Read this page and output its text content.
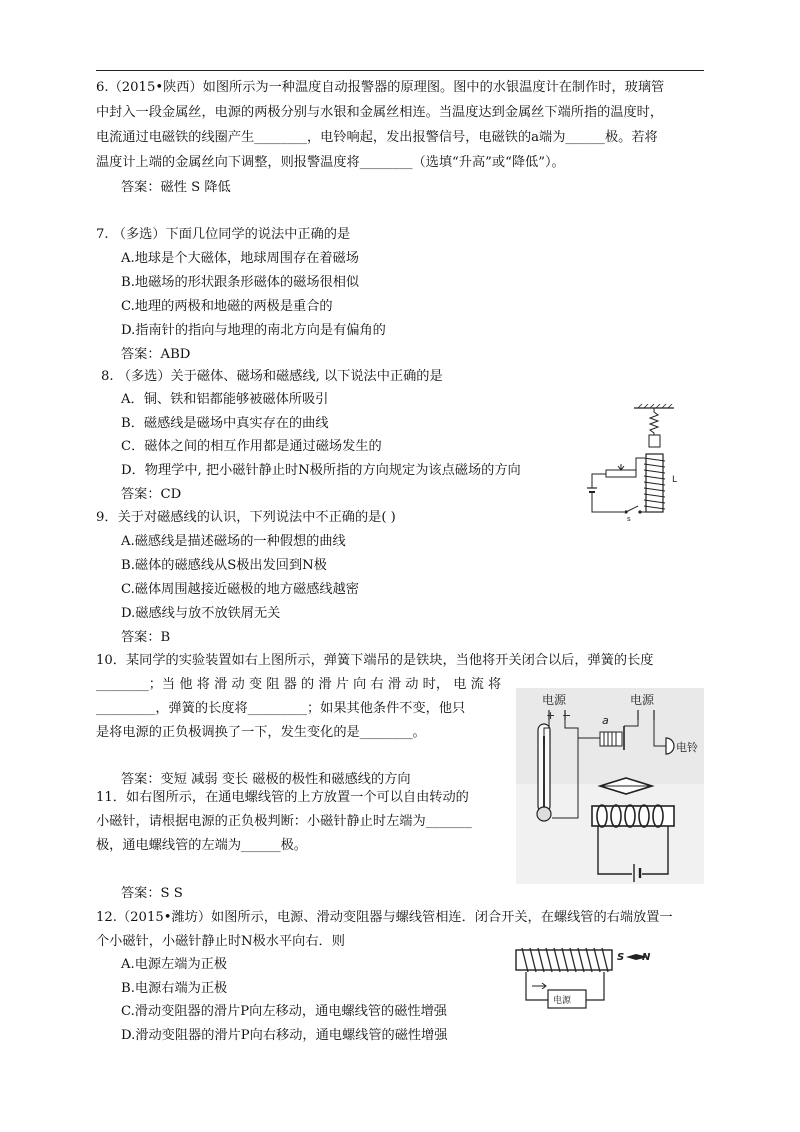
6.（2015•陕西）如图所示为一种温度自动报警器的原理图。图中的水银温度计在制作时，玻璃管
中封入一段金属丝，电源的两极分别与水银和金属丝相连。当温度达到金属丝下端所指的温度时，
电流通过电磁铁的线圈产生________，电铃响起，发出报警信号，电磁铁的a端为______极。若将
温度计上端的金属丝向下调整，则报警温度将________（选填“升高”或“降低”）。
答案：磁性 S 降低
7. （多选）下面几位同学的说法中正确的是
A.地球是个大磁体，地球周围存在着磁场
B.地磁场的形状跟条形磁体的磁场很相似
C.地理的两极和地磁的两极是重合的
D.指南针的指向与地理的南北方向是有偏角的
答案：ABD
8. （多选）关于磁体、磁场和磁感线, 以下说法中正确的是
A．铜、铁和铝都能够被磁体所吸引
B．磁感线是磁场中真实存在的曲线
C．磁体之间的相互作用都是通过磁场发生的
D．物理学中, 把小磁针静止时N极所指的方向规定为该点磁场的方向
答案：CD
L
s
9．关于对磁感线的认识，下列说法中不正确的是( )
A.磁感线是描述磁场的一种假想的曲线
B.磁体的磁感线从S极出发回到N极
C.磁体周围越接近磁极的地方磁感线越密
D.磁感线与放不放铁屑无关
答案：B
10．某同学的实验装置如右上图所示，弹簧下端吊的是铁块，当他将开关闭合以后，弹簧的长度
________；当 他 将 滑 动 变 阻 器 的 滑 片 向 右 滑 动 时， 电 流 将
_________，弹簧的长度将_________；如果其他条件不变，他只
是将电源的正负极调换了一下，发生变化的是________。
答案：变短 减弱 变长 磁极的极性和磁感线的方向
电源	电源
+ −	a
电铃
11．如右图所示，在通电螺线管的上方放置一个可以自由转动的
小磁针，请根据电源的正负极判断：小磁针静止时左端为_______
极，通电螺线管的左端为______极。
答案：S S
12.（2015•潍坊）如图所示，电源、滑动变阻器与螺线管相连．闭合开关，在螺线管的右端放置一
个小磁针，小磁针静止时N极水平向右．则
A.电源左端为正极
B.电源右端为正极
C.滑动变阻器的滑片P向左移动，通电螺线管的磁性增强
D.滑动变阻器的滑片P向右移动，通电螺线管的磁性增强
S N
电源
